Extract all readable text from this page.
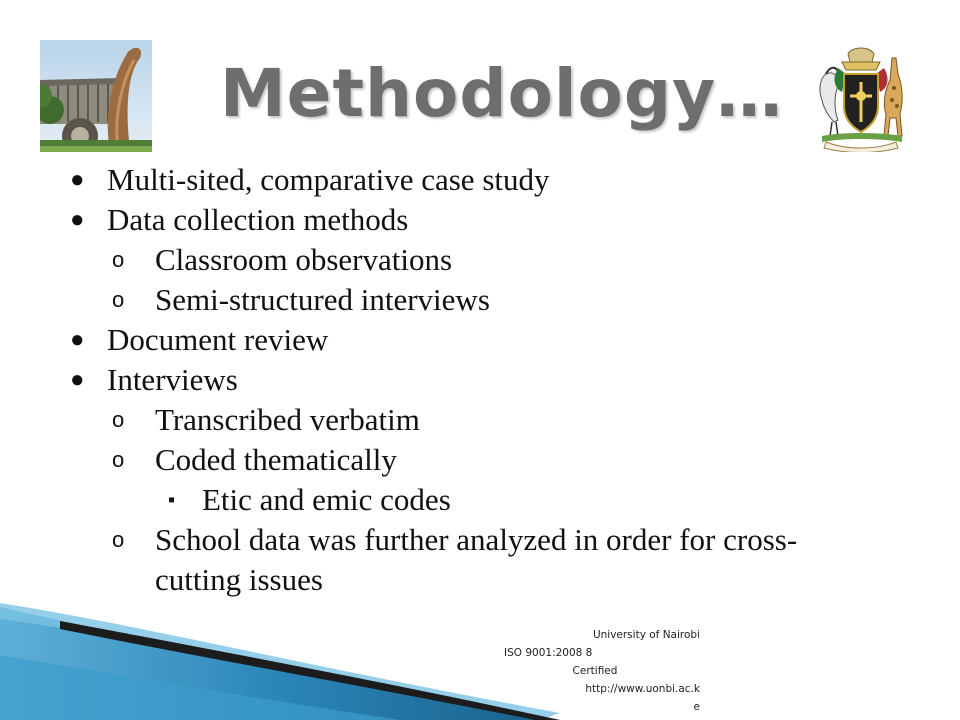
Methodology…
● Multi-sited, comparative case study
● Data collection methods
o Classroom observations
o Semi-structured interviews
● Document review
● Interviews
o Transcribed verbatim
o Coded thematically
▪ Etic and emic codes
o School data was further analyzed in order for cross-cutting issues
University of Nairobi
ISO 9001:2008 8
Certified
http://www.uonbi.ac.k
e
